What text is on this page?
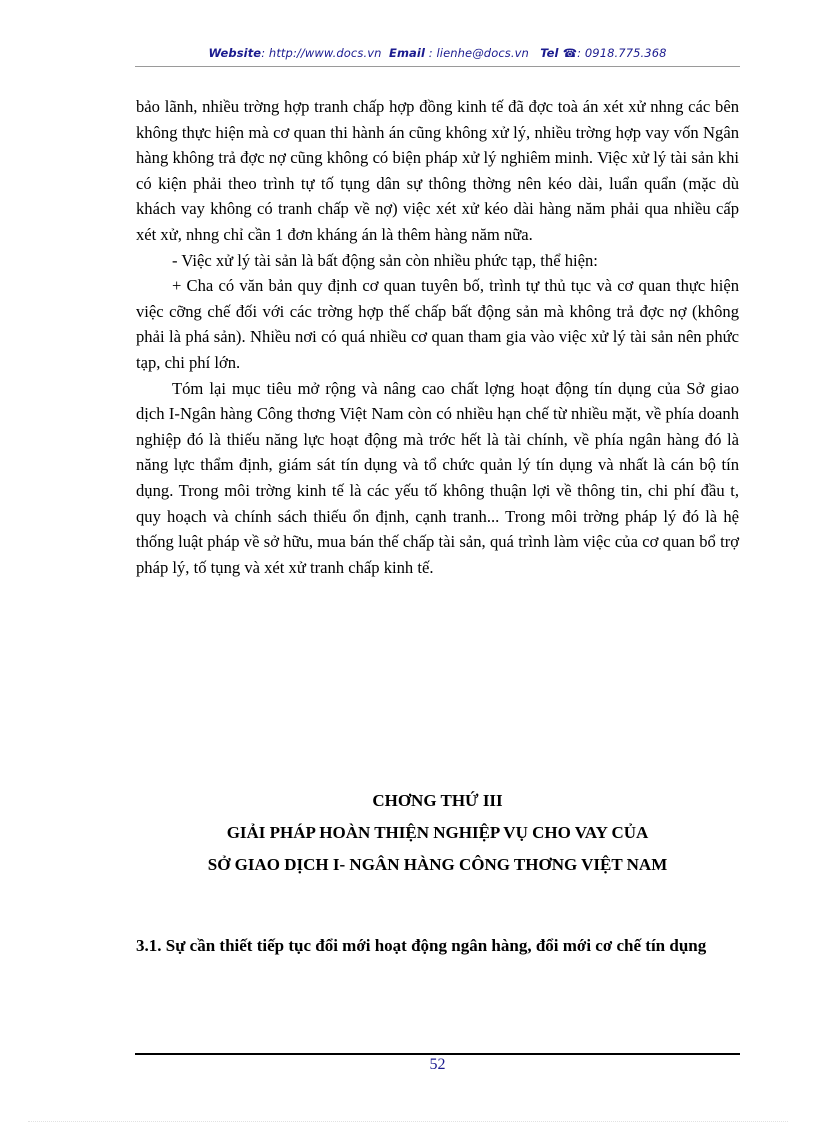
Website: http://www.docs.vn Email : lienhe@docs.vn Tel ☎: 0918.775.368

bảo lãnh, nhiều trờng hợp tranh chấp hợp đồng kinh tế đã đợc toà án xét xử nhng các bên không thực hiện mà cơ quan thi hành án cũng không xử lý, nhiều trờng hợp vay vốn Ngân hàng không trả đợc nợ cũng không có biện pháp xử lý nghiêm minh. Việc xử lý tài sản khi có kiện phải theo trình tự tố tụng dân sự thông thờng nên kéo dài, luẩn quẩn (mặc dù khách vay không có tranh chấp về nợ) việc xét xử kéo dài hàng năm phải qua nhiều cấp xét xử, nhng chỉ cần 1 đơn kháng án là thêm hàng năm nữa.

- Việc xử lý tài sản là bất động sản còn nhiều phức tạp, thể hiện:

+ Cha có văn bản quy định cơ quan tuyên bố, trình tự thủ tục và cơ quan thực hiện việc cỡng chế đối với các trờng hợp thế chấp bất động sản mà không trả đợc nợ (không phải là phá sản). Nhiều nơi có quá nhiều cơ quan tham gia vào việc xử lý tài sản nên phức tạp, chi phí lớn.

Tóm lại mục tiêu mở rộng và nâng cao chất lợng hoạt động tín dụng của Sở giao dịch I-Ngân hàng Công thơng Việt Nam còn có nhiều hạn chế từ nhiều mặt, về phía doanh nghiệp đó là thiếu năng lực hoạt động mà trớc hết là tài chính, về phía ngân hàng đó là năng lực thẩm định, giám sát tín dụng và tổ chức quản lý tín dụng và nhất là cán bộ tín dụng. Trong môi trờng kinh tế là các yếu tố không thuận lợi về thông tin, chi phí đầu t, quy hoạch và chính sách thiếu ổn định, cạnh tranh... Trong môi trờng pháp lý đó là hệ thống luật pháp về sở hữu, mua bán thế chấp tài sản, quá trình làm việc của cơ quan bổ trợ pháp lý, tố tụng và xét xử tranh chấp kinh tế.

CHƠNG THỨ III
GIẢI PHÁP HOÀN THIỆN NGHIỆP VỤ CHO VAY CỦA
SỞ GIAO DỊCH I- NGÂN HÀNG CÔNG THƠNG VIỆT NAM
3.1. Sự cần thiết tiếp tục đổi mới hoạt động ngân hàng, đổi mới cơ chế tín dụng
52
